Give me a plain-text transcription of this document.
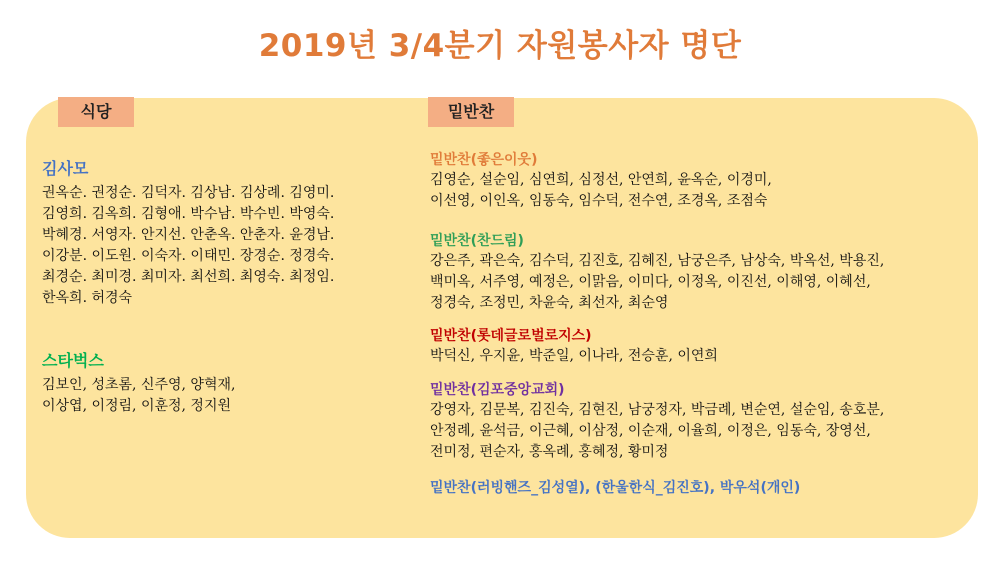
2019년 3/4분기 자원봉사자 명단
식당	밑반찬
김사모
권옥순. 권정순. 김덕자. 김상남. 김상례. 김영미.
김영희. 김옥희. 김형애. 박수남. 박수빈. 박영숙.
박혜경. 서영자. 안지선. 안춘옥. 안춘자. 윤경남.
이강분. 이도원. 이숙자. 이태민. 장경순. 정경숙.
최경순. 최미경. 최미자. 최선희. 최영숙. 최정임.
한옥희. 허경숙
스타벅스
김보인, 성초롬, 신주영, 양혁재,
이상엽, 이정림, 이훈정, 정지원
밑반찬(좋은이웃)
김영순, 설순임, 심연희, 심정선, 안연희, 윤옥순, 이경미,
이선영, 이인옥, 임동숙, 임수덕, 전수연, 조경옥, 조점숙
밑반찬(찬드림)
강은주, 곽은숙, 김수덕, 김진호, 김혜진, 남궁은주, 남상숙, 박옥선, 박용진,
백미옥, 서주영, 예정은, 이맑음, 이미다, 이정옥, 이진선, 이해영, 이혜선,
정경숙, 조정민, 차윤숙, 최선자, 최순영
밑반찬(롯데글로벌로지스)
박덕신, 우지윤, 박준일, 이나라, 전승훈, 이연희
밑반찬(김포중앙교회)
강영자, 김문복, 김진숙, 김현진, 남궁정자, 박금례, 변순연, 설순임, 송호분,
안정례, 윤석금, 이근혜, 이삼정, 이순재, 이율희, 이정은, 임동숙, 장영선,
전미정, 편순자, 홍옥례, 홍혜정, 황미정
밑반찬(러빙핸즈_김성열), (한울한식_김진호), 박우석(개인)
